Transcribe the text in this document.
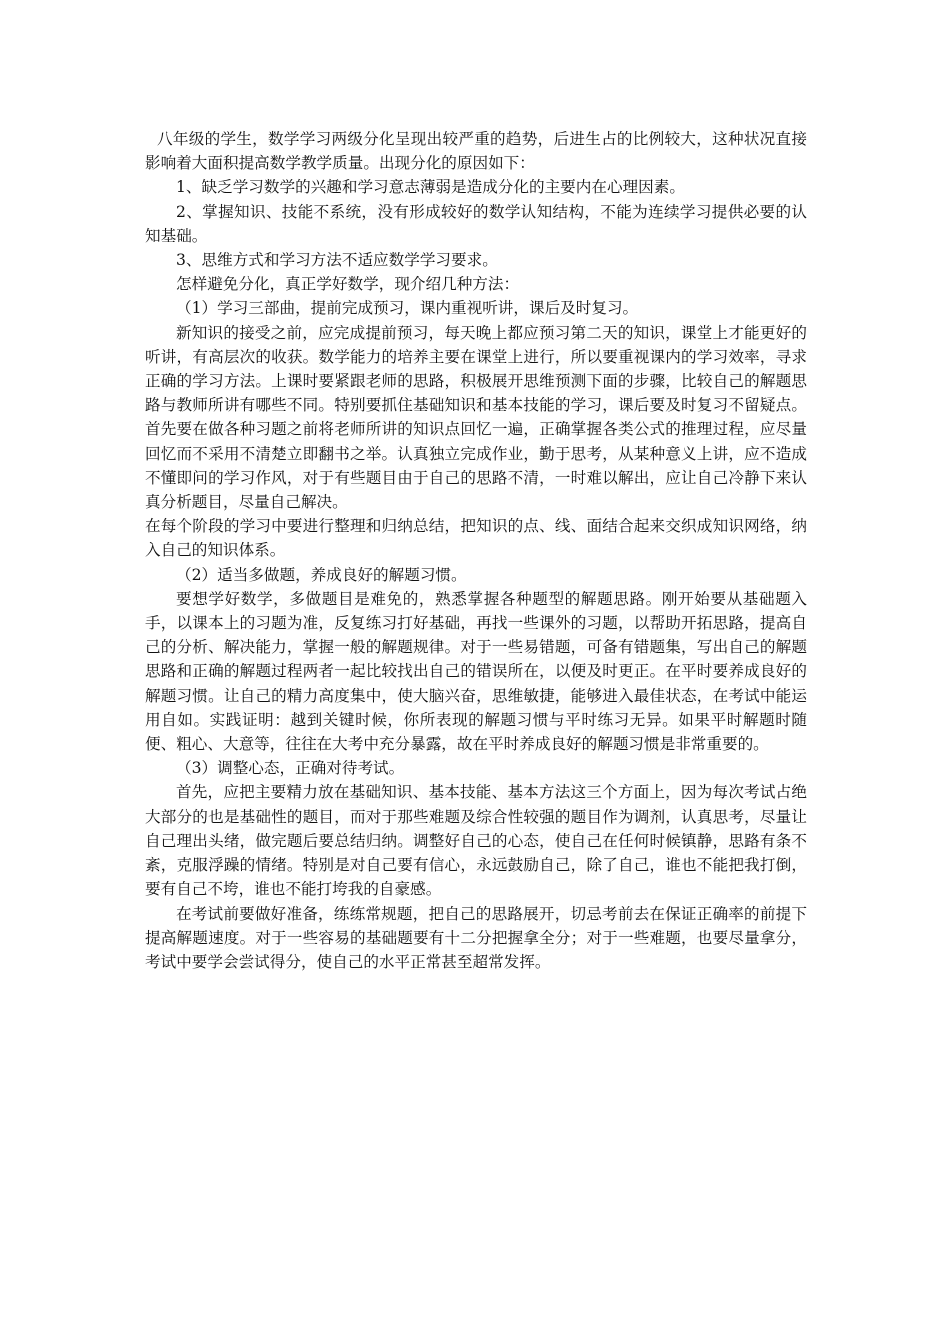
八年级的学生，数学学习两级分化呈现出较严重的趋势，后进生占的比例较大，这种状况直接影响着大面积提高数学教学质量。出现分化的原因如下：

1、缺乏学习数学的兴趣和学习意志薄弱是造成分化的主要内在心理因素。

2、掌握知识、技能不系统，没有形成较好的数学认知结构，不能为连续学习提供必要的认知基础。

3、思维方式和学习方法不适应数学学习要求。

怎样避免分化，真正学好数学，现介绍几种方法：

（1）学习三部曲，提前完成预习，课内重视听讲，课后及时复习。

新知识的接受之前，应完成提前预习，每天晚上都应预习第二天的知识，课堂上才能更好的听讲，有高层次的收获。数学能力的培养主要在课堂上进行，所以要重视课内的学习效率，寻求正确的学习方法。上课时要紧跟老师的思路，积极展开思维预测下面的步骤，比较自己的解题思路与教师所讲有哪些不同。特别要抓住基础知识和基本技能的学习，课后要及时复习不留疑点。首先要在做各种习题之前将老师所讲的知识点回忆一遍，正确掌握各类公式的推理过程，应尽量回忆而不采用不清楚立即翻书之举。认真独立完成作业，勤于思考，从某种意义上讲，应不造成不懂即问的学习作风，对于有些题目由于自己的思路不清，一时难以解出，应让自己冷静下来认真分析题目，尽量自己解决。

在每个阶段的学习中要进行整理和归纳总结，把知识的点、线、面结合起来交织成知识网络，纳入自己的知识体系。

（2）适当多做题，养成良好的解题习惯。

要想学好数学，多做题目是难免的，熟悉掌握各种题型的解题思路。刚开始要从基础题入手，以课本上的习题为准，反复练习打好基础，再找一些课外的习题，以帮助开拓思路，提高自己的分析、解决能力，掌握一般的解题规律。对于一些易错题，可备有错题集，写出自己的解题思路和正确的解题过程两者一起比较找出自己的错误所在，以便及时更正。在平时要养成良好的解题习惯。让自己的精力高度集中，使大脑兴奋，思维敏捷，能够进入最佳状态，在考试中能运用自如。实践证明：越到关键时候，你所表现的解题习惯与平时练习无异。如果平时解题时随便、粗心、大意等，往往在大考中充分暴露，故在平时养成良好的解题习惯是非常重要的。

（3）调整心态，正确对待考试。

首先，应把主要精力放在基础知识、基本技能、基本方法这三个方面上，因为每次考试占绝大部分的也是基础性的题目，而对于那些难题及综合性较强的题目作为调剂，认真思考，尽量让自己理出头绪，做完题后要总结归纳。调整好自己的心态，使自己在任何时候镇静，思路有条不紊，克服浮躁的情绪。特别是对自己要有信心，永远鼓励自己，除了自己，谁也不能把我打倒，要有自己不垮，谁也不能打垮我的自豪感。

在考试前要做好准备，练练常规题，把自己的思路展开，切忌考前去在保证正确率的前提下提高解题速度。对于一些容易的基础题要有十二分把握拿全分；对于一些难题，也要尽量拿分，考试中要学会尝试得分，使自己的水平正常甚至超常发挥。
